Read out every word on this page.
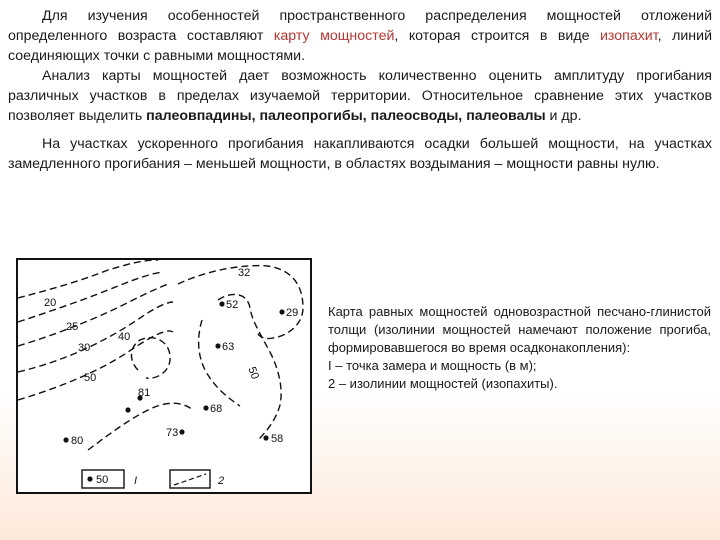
Для изучения особенностей пространственного распределения мощностей отложений определенного возраста составляют карту мощностей, которая строится в виде изопахит, линий соединяющих точки с равными мощностями.

Анализ карты мощностей дает возможность количественно оценить амплитуду прогибания различных участков в пределах изучаемой территории. Относительное сравнение этих участков позволяет выделить палеовпадины, палеопрогибы, палеосводы, палеовалы и др.

На участках ускоренного прогибания накапливаются осадки большей мощности, на участках замедленного прогибания – меньшей мощности, в областях воздымания – мощности равны нулю.

20
25
30
40
50
32
50
81
68
73	58
52
63
29
80
50 I	2
Карта равных мощностей одновозрастной песчано-глинистой толщи (изолинии мощностей намечают положение прогиба, формировавшегося во время осадконакопления):
I – точка замера и мощность (в м);
2 – изолинии мощностей (изопахиты).
